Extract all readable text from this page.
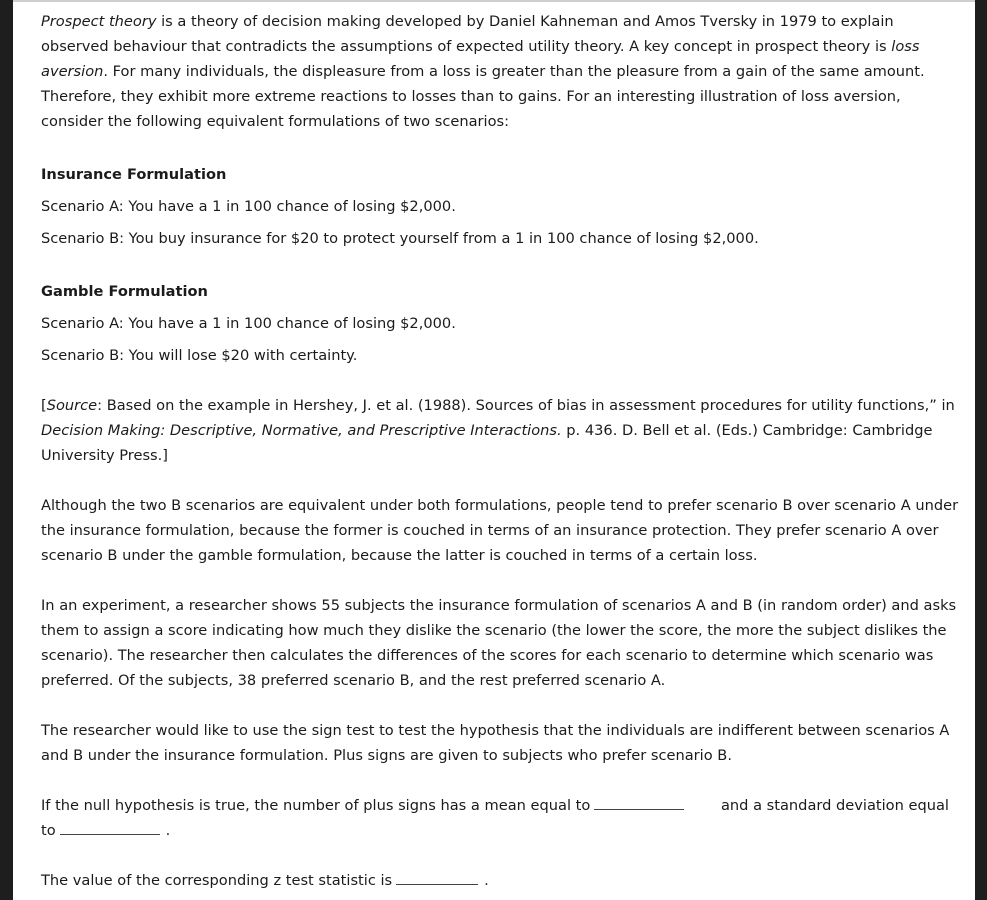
Prospect theory is a theory of decision making developed by Daniel Kahneman and Amos Tversky in 1979 to explain observed behaviour that contradicts the assumptions of expected utility theory. A key concept in prospect theory is loss aversion. For many individuals, the displeasure from a loss is greater than the pleasure from a gain of the same amount. Therefore, they exhibit more extreme reactions to losses than to gains. For an interesting illustration of loss aversion, consider the following equivalent formulations of two scenarios:

Insurance Formulation

Scenario A: You have a 1 in 100 chance of losing $2,000.

Scenario B: You buy insurance for $20 to protect yourself from a 1 in 100 chance of losing $2,000.

Gamble Formulation

Scenario A: You have a 1 in 100 chance of losing $2,000.

Scenario B: You will lose $20 with certainty.

[Source: Based on the example in Hershey, J. et al. (1988). Sources of bias in assessment procedures for utility functions,” in Decision Making: Descriptive, Normative, and Prescriptive Interactions. p. 436. D. Bell et al. (Eds.) Cambridge: Cambridge University Press.]

Although the two B scenarios are equivalent under both formulations, people tend to prefer scenario B over scenario A under the insurance formulation, because the former is couched in terms of an insurance protection. They prefer scenario A over scenario B under the gamble formulation, because the latter is couched in terms of a certain loss.

In an experiment, a researcher shows 55 subjects the insurance formulation of scenarios A and B (in random order) and asks them to assign a score indicating how much they dislike the scenario (the lower the score, the more the subject dislikes the scenario). The researcher then calculates the differences of the scores for each scenario to determine which scenario was preferred. Of the subjects, 38 preferred scenario B, and the rest preferred scenario A.

The researcher would like to use the sign test to test the hypothesis that the individuals are indifferent between scenarios A and B under the insurance formulation. Plus signs are given to subjects who prefer scenario B.

If the null hypothesis is true, the number of plus signs has a mean equal to	and a standard deviation equal
to	.

The value of the corresponding z test statistic is	.
